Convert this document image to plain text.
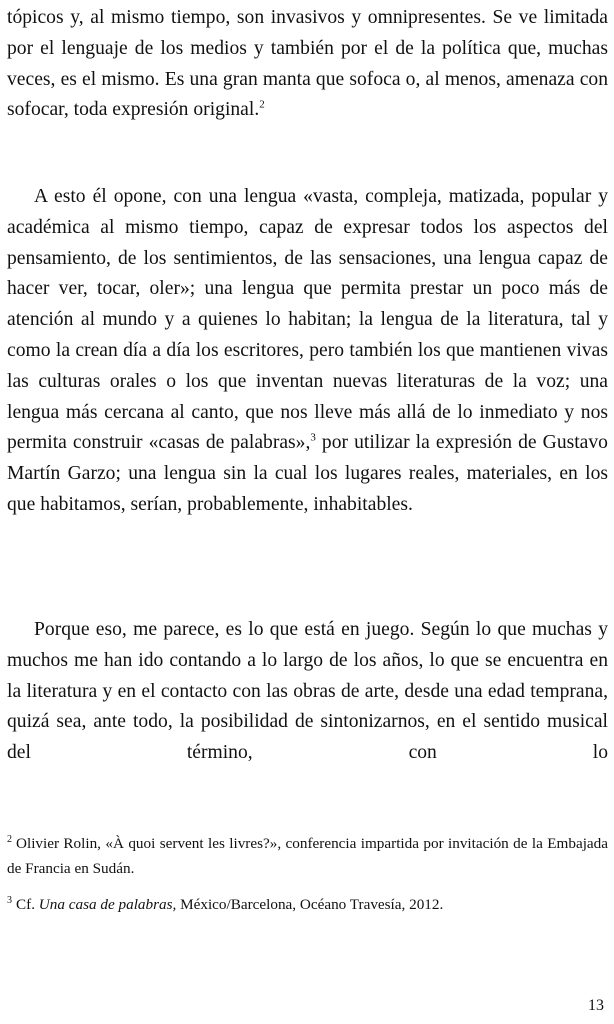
tópicos y, al mismo tiempo, son invasivos y omnipresentes. Se ve limitada por el lenguaje de los medios y también por el de la política que, muchas veces, es el mismo. Es una gran manta que sofoca o, al menos, amenaza con sofocar, toda expresión original.$^2$

A esto él opone, con una lengua «vasta, compleja, matizada, popular y académica al mismo tiempo, capaz de expresar todos los aspectos del pensamiento, de los sentimientos, de las sensaciones, una lengua capaz de hacer ver, tocar, oler»; una lengua que permita prestar un poco más de atención al mundo y a quienes lo habitan; la lengua de la literatura, tal y como la crean día a día los escritores, pero también los que mantienen vivas las culturas orales o los que inventan nuevas literaturas de la voz; una lengua más cercana al canto, que nos lleve más allá de lo inmediato y nos permita construir «casas de palabras»,$^3$ por utilizar la expresión de Gustavo Martín Garzo; una lengua sin la cual los lugares reales, materiales, en los que habitamos, serían, probablemente, inhabitables.

Porque eso, me parece, es lo que está en juego. Según lo que muchas y muchos me han ido contando a lo largo de los años, lo que se encuentra en la literatura y en el contacto con las obras de arte, desde una edad temprana, quizá sea, ante todo, la posibilidad de sintonizarnos, en el sentido musical del término, con lo

$^2$ Olivier Rolin, «À quoi servent les livres?», conferencia impartida por invitación de la Embajada de Francia en Sudán.

$^3$ Cf. Una casa de palabras, México/Barcelona, Océano Travesía, 2012.

13
